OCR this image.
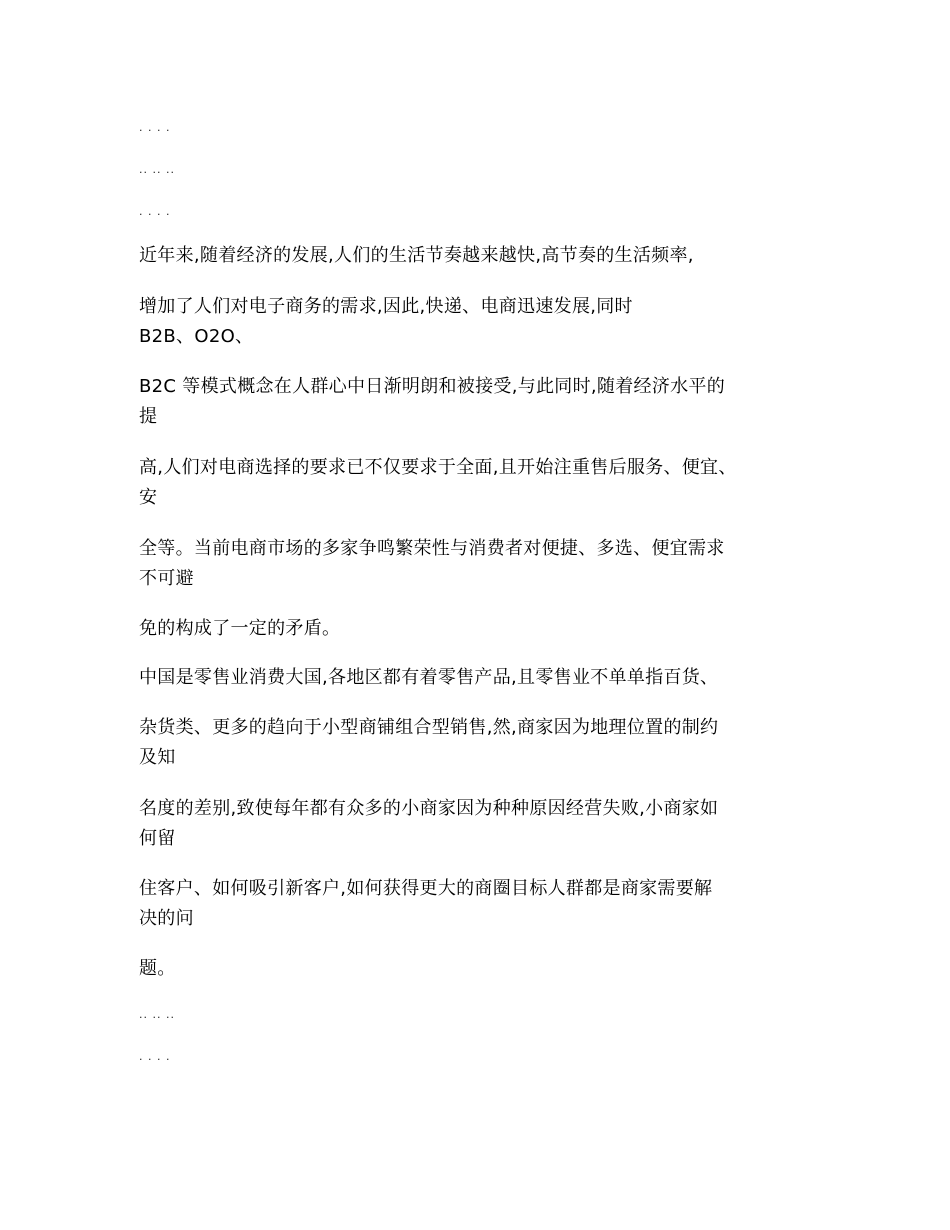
. . . .
.. .. ..
. . . .
近年来,随着经济的发展,人们的生活节奏越来越快,高节奏的生活频率,
增加了人们对电子商务的需求,因此,快递、电商迅速发展,同时
B2B、O2O、
B2C 等模式概念在人群心中日渐明朗和被接受,与此同时,随着经济水平的
提
高,人们对电商选择的要求已不仅要求于全面,且开始注重售后服务、便宜、
安
全等。当前电商市场的多家争鸣繁荣性与消费者对便捷、多选、便宜需求
不可避
免的构成了一定的矛盾。
中国是零售业消费大国,各地区都有着零售产品,且零售业不单单指百货、
杂货类、更多的趋向于小型商铺组合型销售,然,商家因为地理位置的制约
及知
名度的差别,致使每年都有众多的小商家因为种种原因经营失败,小商家如
何留
住客户、如何吸引新客户,如何获得更大的商圈目标人群都是商家需要解
决的问
题。
.. .. ..
. . . .
